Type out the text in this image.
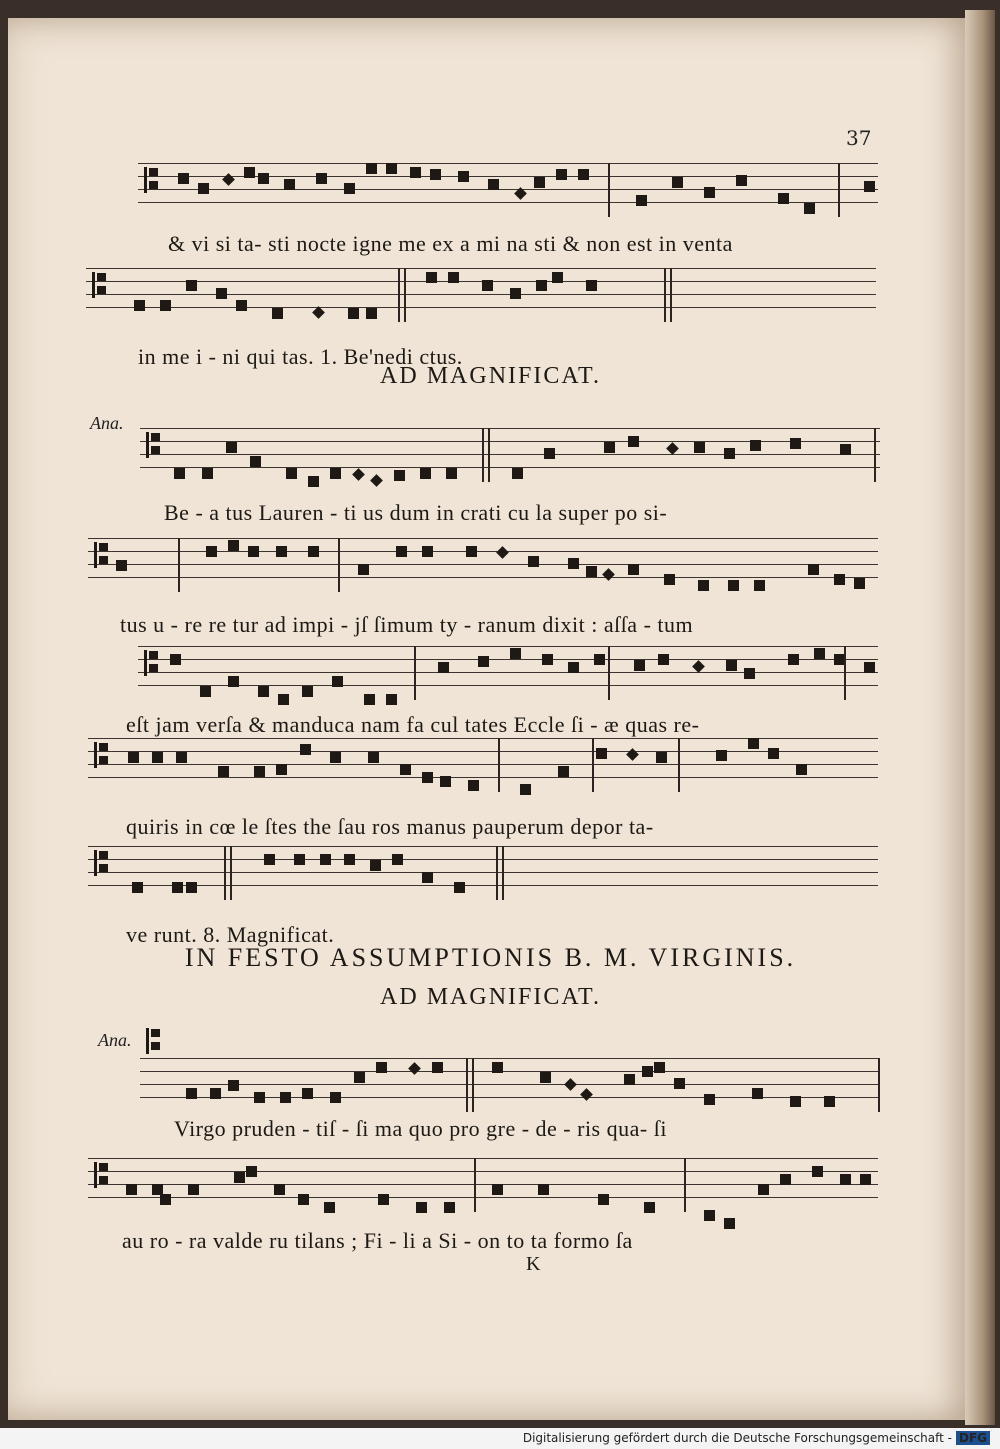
37
& vi si ta- sti nocte igne me ex a mi na sti & non est in venta
in me i - ni qui tas. 1. Be'nedi ctus.
AD MAGNIFICAT.
Ana.
Be - a tus Lauren - ti us dum in crati cu la super po si-
tus u - re re tur ad impi - jſ ſimum ty - ranum dixit : aſſa - tum
eſt jam verſa & manduca nam fa cul tates Eccle ſi - æ quas re-
quiris in cœ le ſtes the ſau ros manus pauperum depor ta-
ve runt. 8. Magnificat.
IN FESTO ASSUMPTIONIS B. M. VIRGINIS.
AD MAGNIFICAT.
Ana.
Virgo pruden - tiſ - ſi ma quo pro gre - de - ris qua- ſi
au ro - ra valde ru tilans ; Fi - li a Si - on to ta formo ſa
K
Digitalisierung gefördert durch die Deutsche Forschungsgemeinschaft - DFG
